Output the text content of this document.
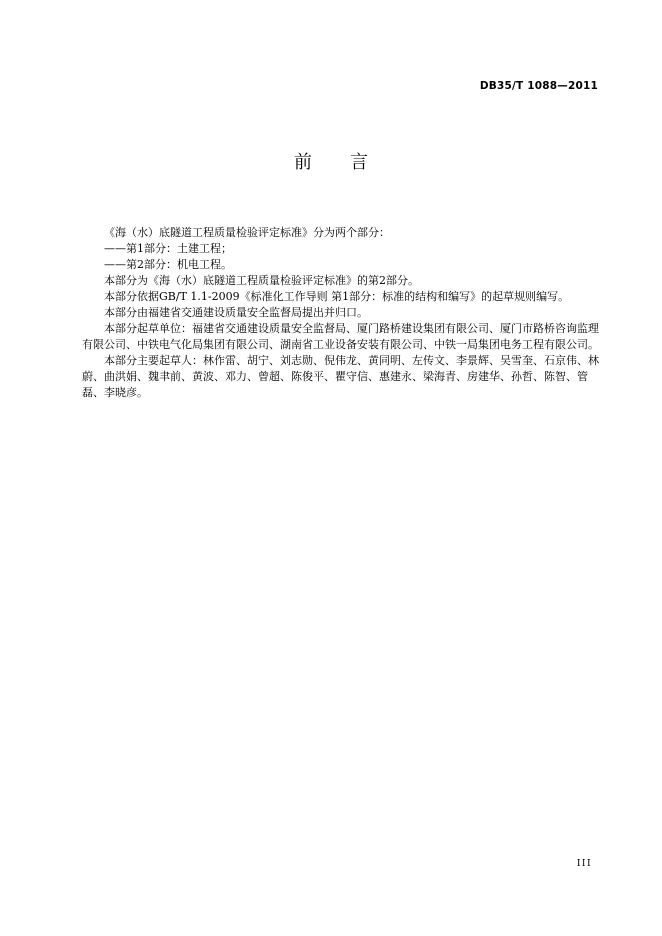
DB35/T 1088—2011
前言

《海（水）底隧道工程质量检验评定标准》分为两个部分：

——第1部分：土建工程；

——第2部分：机电工程。

本部分为《海（水）底隧道工程质量检验评定标准》的第2部分。

本部分依据GB/T 1.1-2009《标准化工作导则 第1部分：标准的结构和编写》的起草规则编写。

本部分由福建省交通建设质量安全监督局提出并归口。

本部分起草单位：福建省交通建设质量安全监督局、厦门路桥建设集团有限公司、厦门市路桥咨询监理有限公司、中铁电气化局集团有限公司、湖南省工业设备安装有限公司、中铁一局集团电务工程有限公司。

本部分主要起草人：林作雷、胡宁、刘志勋、倪伟龙、黄同明、左传文、李景辉、吴雪奎、石京伟、林蔚、曲洪娟、魏聿前、黄波、邓力、曾超、陈俊平、瞿守信、惠建永、梁海青、房建华、孙哲、陈智、管磊、李晓彦。

III
